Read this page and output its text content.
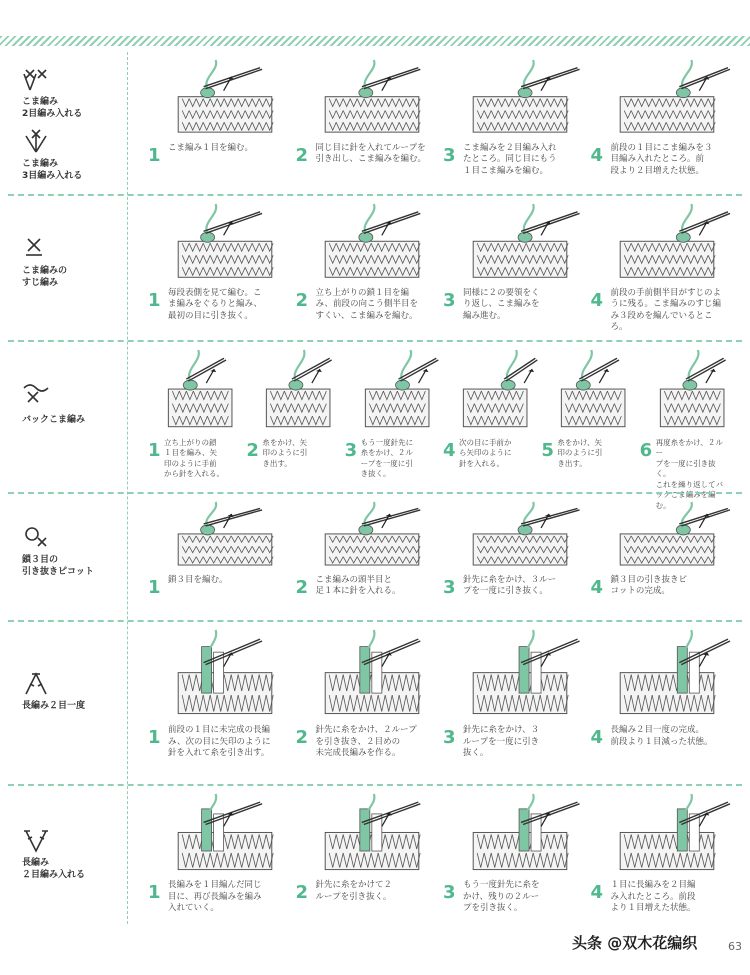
こま編み
2目編み入れる
こま編み
3目編み入れる
1 こま編み１目を編む。	2 同じ目に針を入れてループを
引き出し、こま編みを編む。 3 こま編みを２目編み入れ
たところ。同じ目にもう
１目こま編みを編む。
4 前段の１目にこま編みを３
目編み入れたところ。前
段より２目増えた状態。
こま編みの
すじ編み
1 毎段表側を見て編む。こ
ま編みをぐるりと編み、
最初の目に引き抜く。
2 立ち上がりの鎖１目を編
み、前段の向こう側半目を
すくい、こま編みを編む。
3 同様に２の要領をく
り返し、こま編みを
編み進む。
4 前段の手前側半目がすじのよ
うに残る。こま編みのすじ編
み３段めを編んでいるところ。
バックこま編み
1 立ち上がりの鎖
１目を編み、矢
印のように手前
から針を入れる。
2 糸をかけ、矢
印のように引
き出す。
3 もう一度針先に
糸をかけ、２ル
ープを一度に引
き抜く。
4 次の目に手前か
ら矢印のように
針を入れる。
5 糸をかけ、矢
印のように引
き出す。
6 再度糸をかけ、２ルー
プを一度に引き抜く。
これを繰り返してバ
ックこま編みを編む。
鎖３目の
引き抜きピコット
1 鎖３目を編む。	2 こま編みの頭半目と
足１本に針を入れる。	3 針先に糸をかけ、３ルー
プを一度に引き抜く。	4 鎖３目の引き抜きピ
コットの完成。
長編み２目一度
1 前段の１目に未完成の長編
み、次の目に矢印のように
針を入れて糸を引き出す。
2 針先に糸をかけ、２ループ
を引き抜き、２目めの
未完成長編みを作る。
3 針先に糸をかけ、３
ループを一度に引き
抜く。
4 長編み２目一度の完成。
前段より１目減った状態。
長編み
２目編み入れる
1 長編みを１目編んだ同じ
目に、再び長編みを編み
入れていく。
2 針先に糸をかけて２
ループを引き抜く。	3 もう一度針先に糸を
かけ、残りの２ルー
プを引き抜く。
4 １目に長編みを２目編
み入れたところ。前段
より１目増えた状態。
头条 @双木花编织	63
